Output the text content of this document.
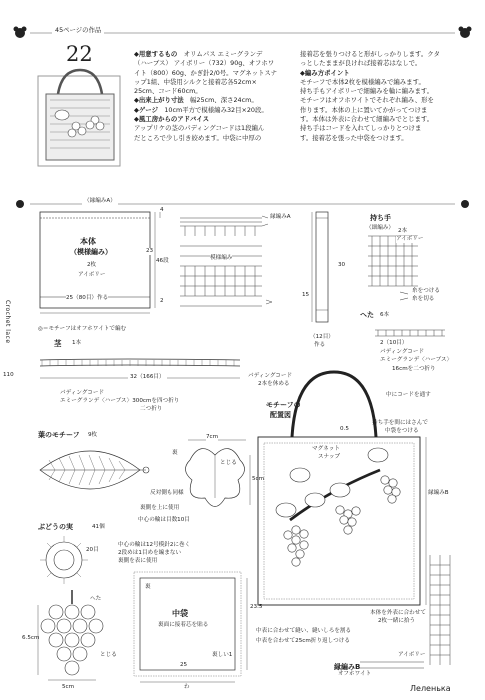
45ページの作品
22	◆用意するもの　 オリムパス エミーグランデ
（ハーブス） アイボリー（732）90g、オフホワ
イト（800）60g、かぎ針2/0号。マグネットスナ
ップ1組、中袋用シルクと接着芯各52cm×
25cm、コード60cm。
◆出来上がり寸法　 幅25cm、深さ24cm。
◆ゲージ　 10cm平方で模様編み32目×20段。
◆風工房からのアドバイス
アップリケの茎のパディングコードは1段編ん
だところで少し引き絞めます。中袋に中厚の
接着芯を張りつけると形がしっかりします。クタ
っとしたままが良ければ接着芯はなしで。
◆編み方ポイント
モチーフで本体2枚を模様編みで編みます。
持ち手もアイボリーで細編みを輪に編みます。
モチーフはオフホワイトでそれぞれ編み、形を
作ります。本体の上に置いてかがってつけま
す。本体は外表に合わせて細編みでとじます。
持ち手はコードを入れてしっかりとつけま
す。接着芯を張った中袋をつけます。
Crochet lace
110
（縁編みA）
本体
（模様編み）
2枚
アイボリー
25（80目）作る
4
23
46段
2
模様編み
縁編みA	持ち手
（細編み） 2本
アイボリー
30
15
（12目）
作る
糸をつける
糸を切る
◎＝モチーフはオフホワイトで編む
茎 1本
32（166目）	パディングコード
2本を休める
パディングコード
エミーグランデ〈ハーブス〉300cmを四つ折り
二つ折り
へた 6本
2（10目）
パディングコード
エミーグランデ〈ハーブス〉
16cmを二つ折り
モチーフの
配置図
中にコードを通す
持ち手を間にはさんで
中袋をつける
0.5
マグネット
スナップ
縁編みB
葉のモチーフ 9枚
裏
とじる
7cm
5cm
反対側も同様
裏側を上に使用
中心の輪は目数10目
ぶどうの実	41個
20目
中心の輪は12号模針2に巻く
2段めは1目めを編まない
裏側を表に使用
へた
6.5cm
5cm
とじる
中袋
裏面に接着芯を貼る
25
23.5
わ
裏
裏しい1
中表に合わせて縫い、縫いしろを割る
中表を合わせて25cm折り返しつける
本体を外表に合わせて
2枚一緒に拾う
縁編みB
オフホワイト
アイボリー
Леленька
